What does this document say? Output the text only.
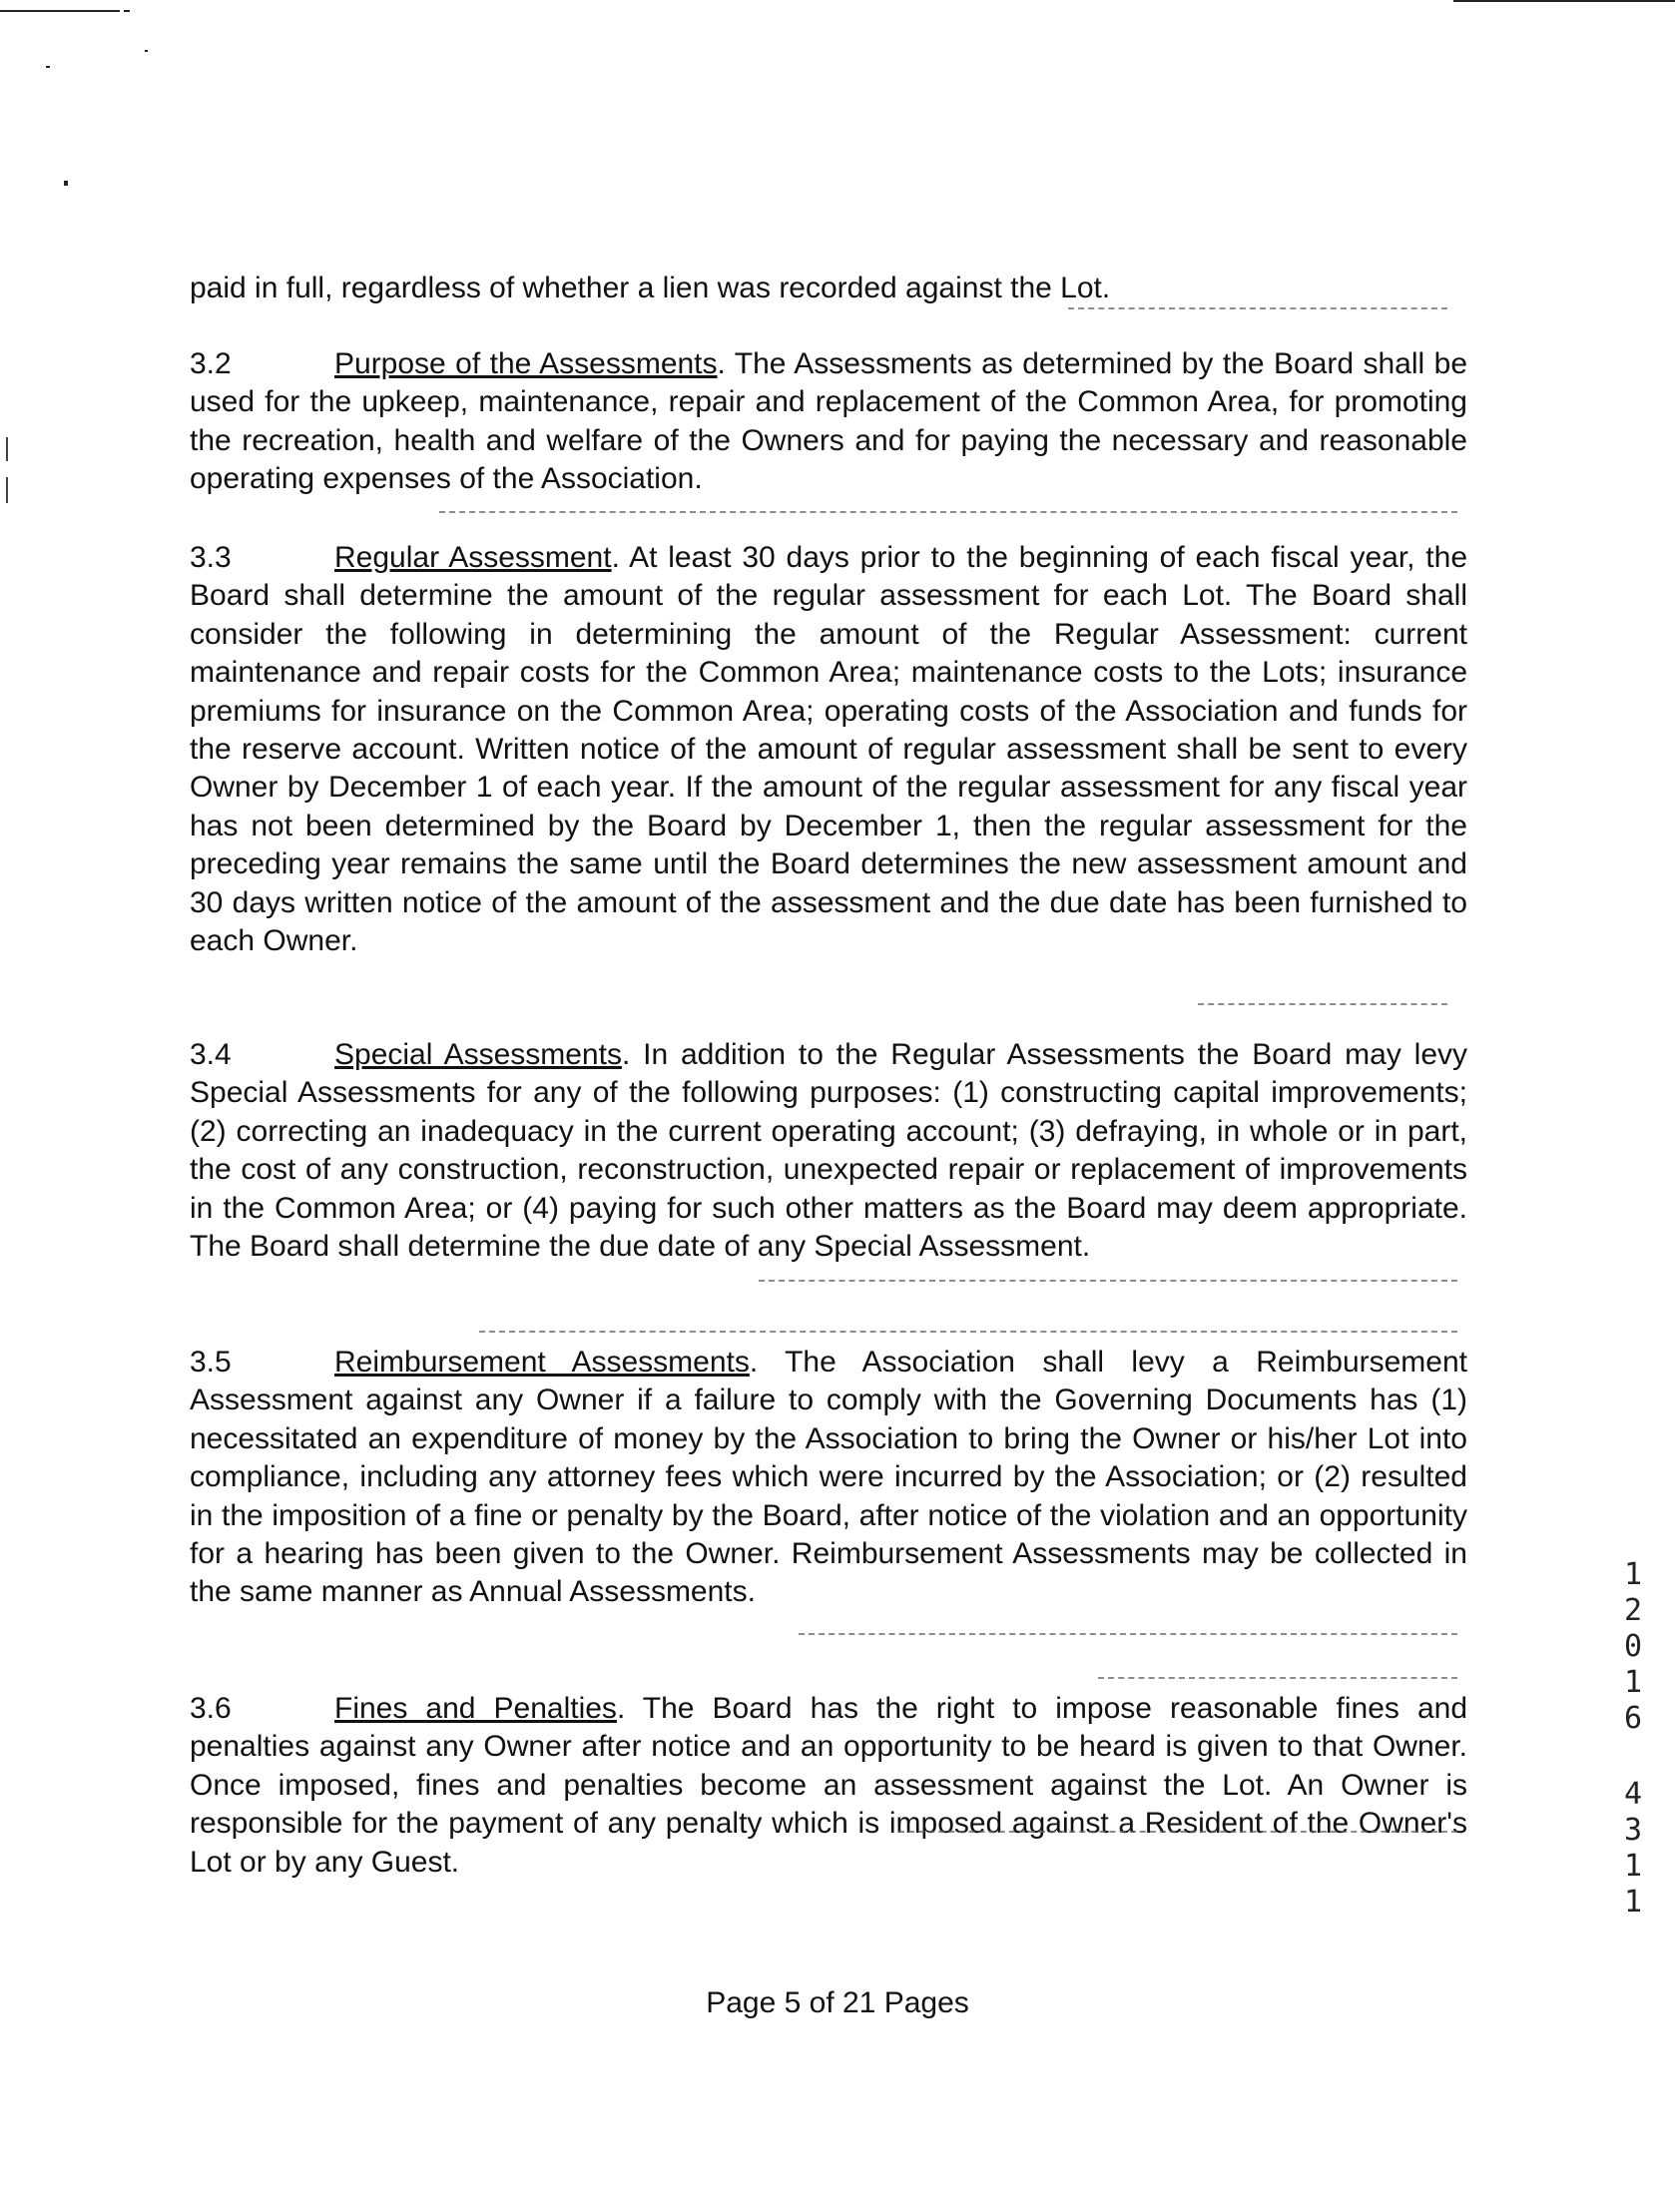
paid in full, regardless of whether a lien was recorded against the Lot.

3.2	Purpose of the Assessments. The Assessments as determined by the Board shall be used for the upkeep, maintenance, repair and replacement of the Common Area, for promoting the recreation, health and welfare of the Owners and for paying the necessary and reasonable operating expenses of the Association.

3.3	Regular Assessment. At least 30 days prior to the beginning of each fiscal year, the Board shall determine the amount of the regular assessment for each Lot. The Board shall consider the following in determining the amount of the Regular Assessment: current maintenance and repair costs for the Common Area; maintenance costs to the Lots; insurance premiums for insurance on the Common Area; operating costs of the Association and funds for the reserve account. Written notice of the amount of regular assessment shall be sent to every Owner by December 1 of each year. If the amount of the regular assessment for any fiscal year has not been determined by the Board by December 1, then the regular assessment for the preceding year remains the same until the Board determines the new assessment amount and 30 days written notice of the amount of the assessment and the due date has been furnished to each Owner.

3.4	Special Assessments. In addition to the Regular Assessments the Board may levy Special Assessments for any of the following purposes: (1) constructing capital improvements; (2) correcting an inadequacy in the current operating account; (3) defraying, in whole or in part, the cost of any construction, reconstruction, unexpected repair or replacement of improvements in the Common Area; or (4) paying for such other matters as the Board may deem appropriate. The Board shall determine the due date of any Special Assessment.

3.5	Reimbursement Assessments. The Association shall levy a Reimbursement Assessment against any Owner if a failure to comply with the Governing Documents has (1) necessitated an expenditure of money by the Association to bring the Owner or his/her Lot into compliance, including any attorney fees which were incurred by the Association; or (2) resulted in the imposition of a fine or penalty by the Board, after notice of the violation and an opportunity for a hearing has been given to the Owner. Reimbursement Assessments may be collected in the same manner as Annual Assessments.

3.6	Fines and Penalties. The Board has the right to impose reasonable fines and penalties against any Owner after notice and an opportunity to be heard is given to that Owner. Once imposed, fines and penalties become an assessment against the Lot. An Owner is responsible for the payment of any penalty which is imposed against a Resident of the Owner's Lot or by any Guest.

Page 5 of 21 Pages
1
2
0
1
6
4
3
1
1
